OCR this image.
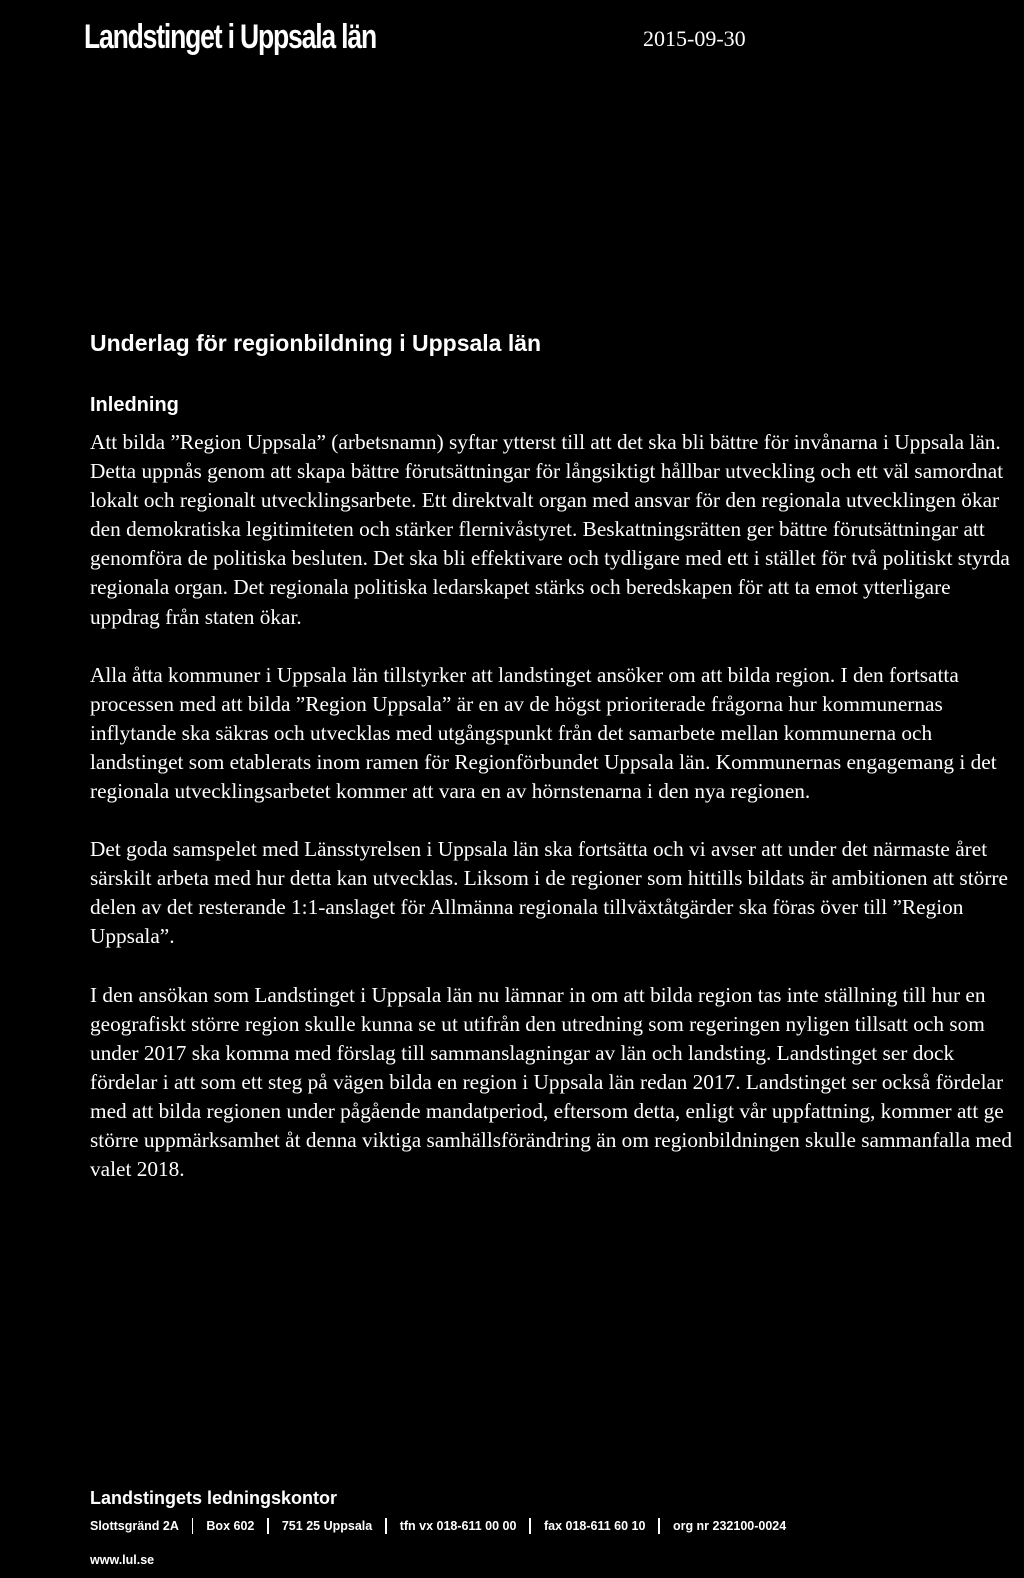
Landstinget i Uppsala län	2015-09-30
Underlag för regionbildning i Uppsala län
Inledning

Att bilda ”Region Uppsala” (arbetsnamn) syftar ytterst till att det ska bli bättre för invånarna i Uppsala län. Detta uppnås genom att skapa bättre förutsättningar för långsiktigt hållbar utveckling och ett väl samordnat lokalt och regionalt utvecklingsarbete. Ett direktvalt organ med ansvar för den regionala utvecklingen ökar den demokratiska legitimiteten och stärker flernivåstyret. Beskattningsrätten ger bättre förutsättningar att genomföra de politiska besluten. Det ska bli effektivare och tydligare med ett i stället för två politiskt styrda regionala organ. Det regionala politiska ledarskapet stärks och beredskapen för att ta emot ytterligare uppdrag från staten ökar.

Alla åtta kommuner i Uppsala län tillstyrker att landstinget ansöker om att bilda region. I den fortsatta processen med att bilda ”Region Uppsala” är en av de högst prioriterade frågorna hur kommunernas inflytande ska säkras och utvecklas med utgångspunkt från det samarbete mellan kommunerna och landstinget som etablerats inom ramen för Regionförbundet Uppsala län. Kommunernas engagemang i det regionala utvecklingsarbetet kommer att vara en av hörnstenarna i den nya regionen.

Det goda samspelet med Länsstyrelsen i Uppsala län ska fortsätta och vi avser att under det närmaste året särskilt arbeta med hur detta kan utvecklas. Liksom i de regioner som hittills bildats är ambitionen att större delen av det resterande 1:1-anslaget för Allmänna regionala tillväxtåtgärder ska föras över till ”Region Uppsala”.

I den ansökan som Landstinget i Uppsala län nu lämnar in om att bilda region tas inte ställning till hur en geografiskt större region skulle kunna se ut utifrån den utredning som regeringen nyligen tillsatt och som under 2017 ska komma med förslag till sammanslagningar av län och landsting. Landstinget ser dock fördelar i att som ett steg på vägen bilda en region i Uppsala län redan 2017. Landstinget ser också fördelar med att bilda regionen under pågående mandatperiod, eftersom detta, enligt vår uppfattning, kommer att ge större uppmärksamhet åt denna viktiga samhällsförändring än om regionbildningen skulle sammanfalla med valet 2018.

Landstingets ledningskontor
Slottsgränd 2A Box 602 751 25 Uppsala tfn vx 018-611 00 00 fax 018-611 60 10 org nr 232100-0024
www.lul.se
